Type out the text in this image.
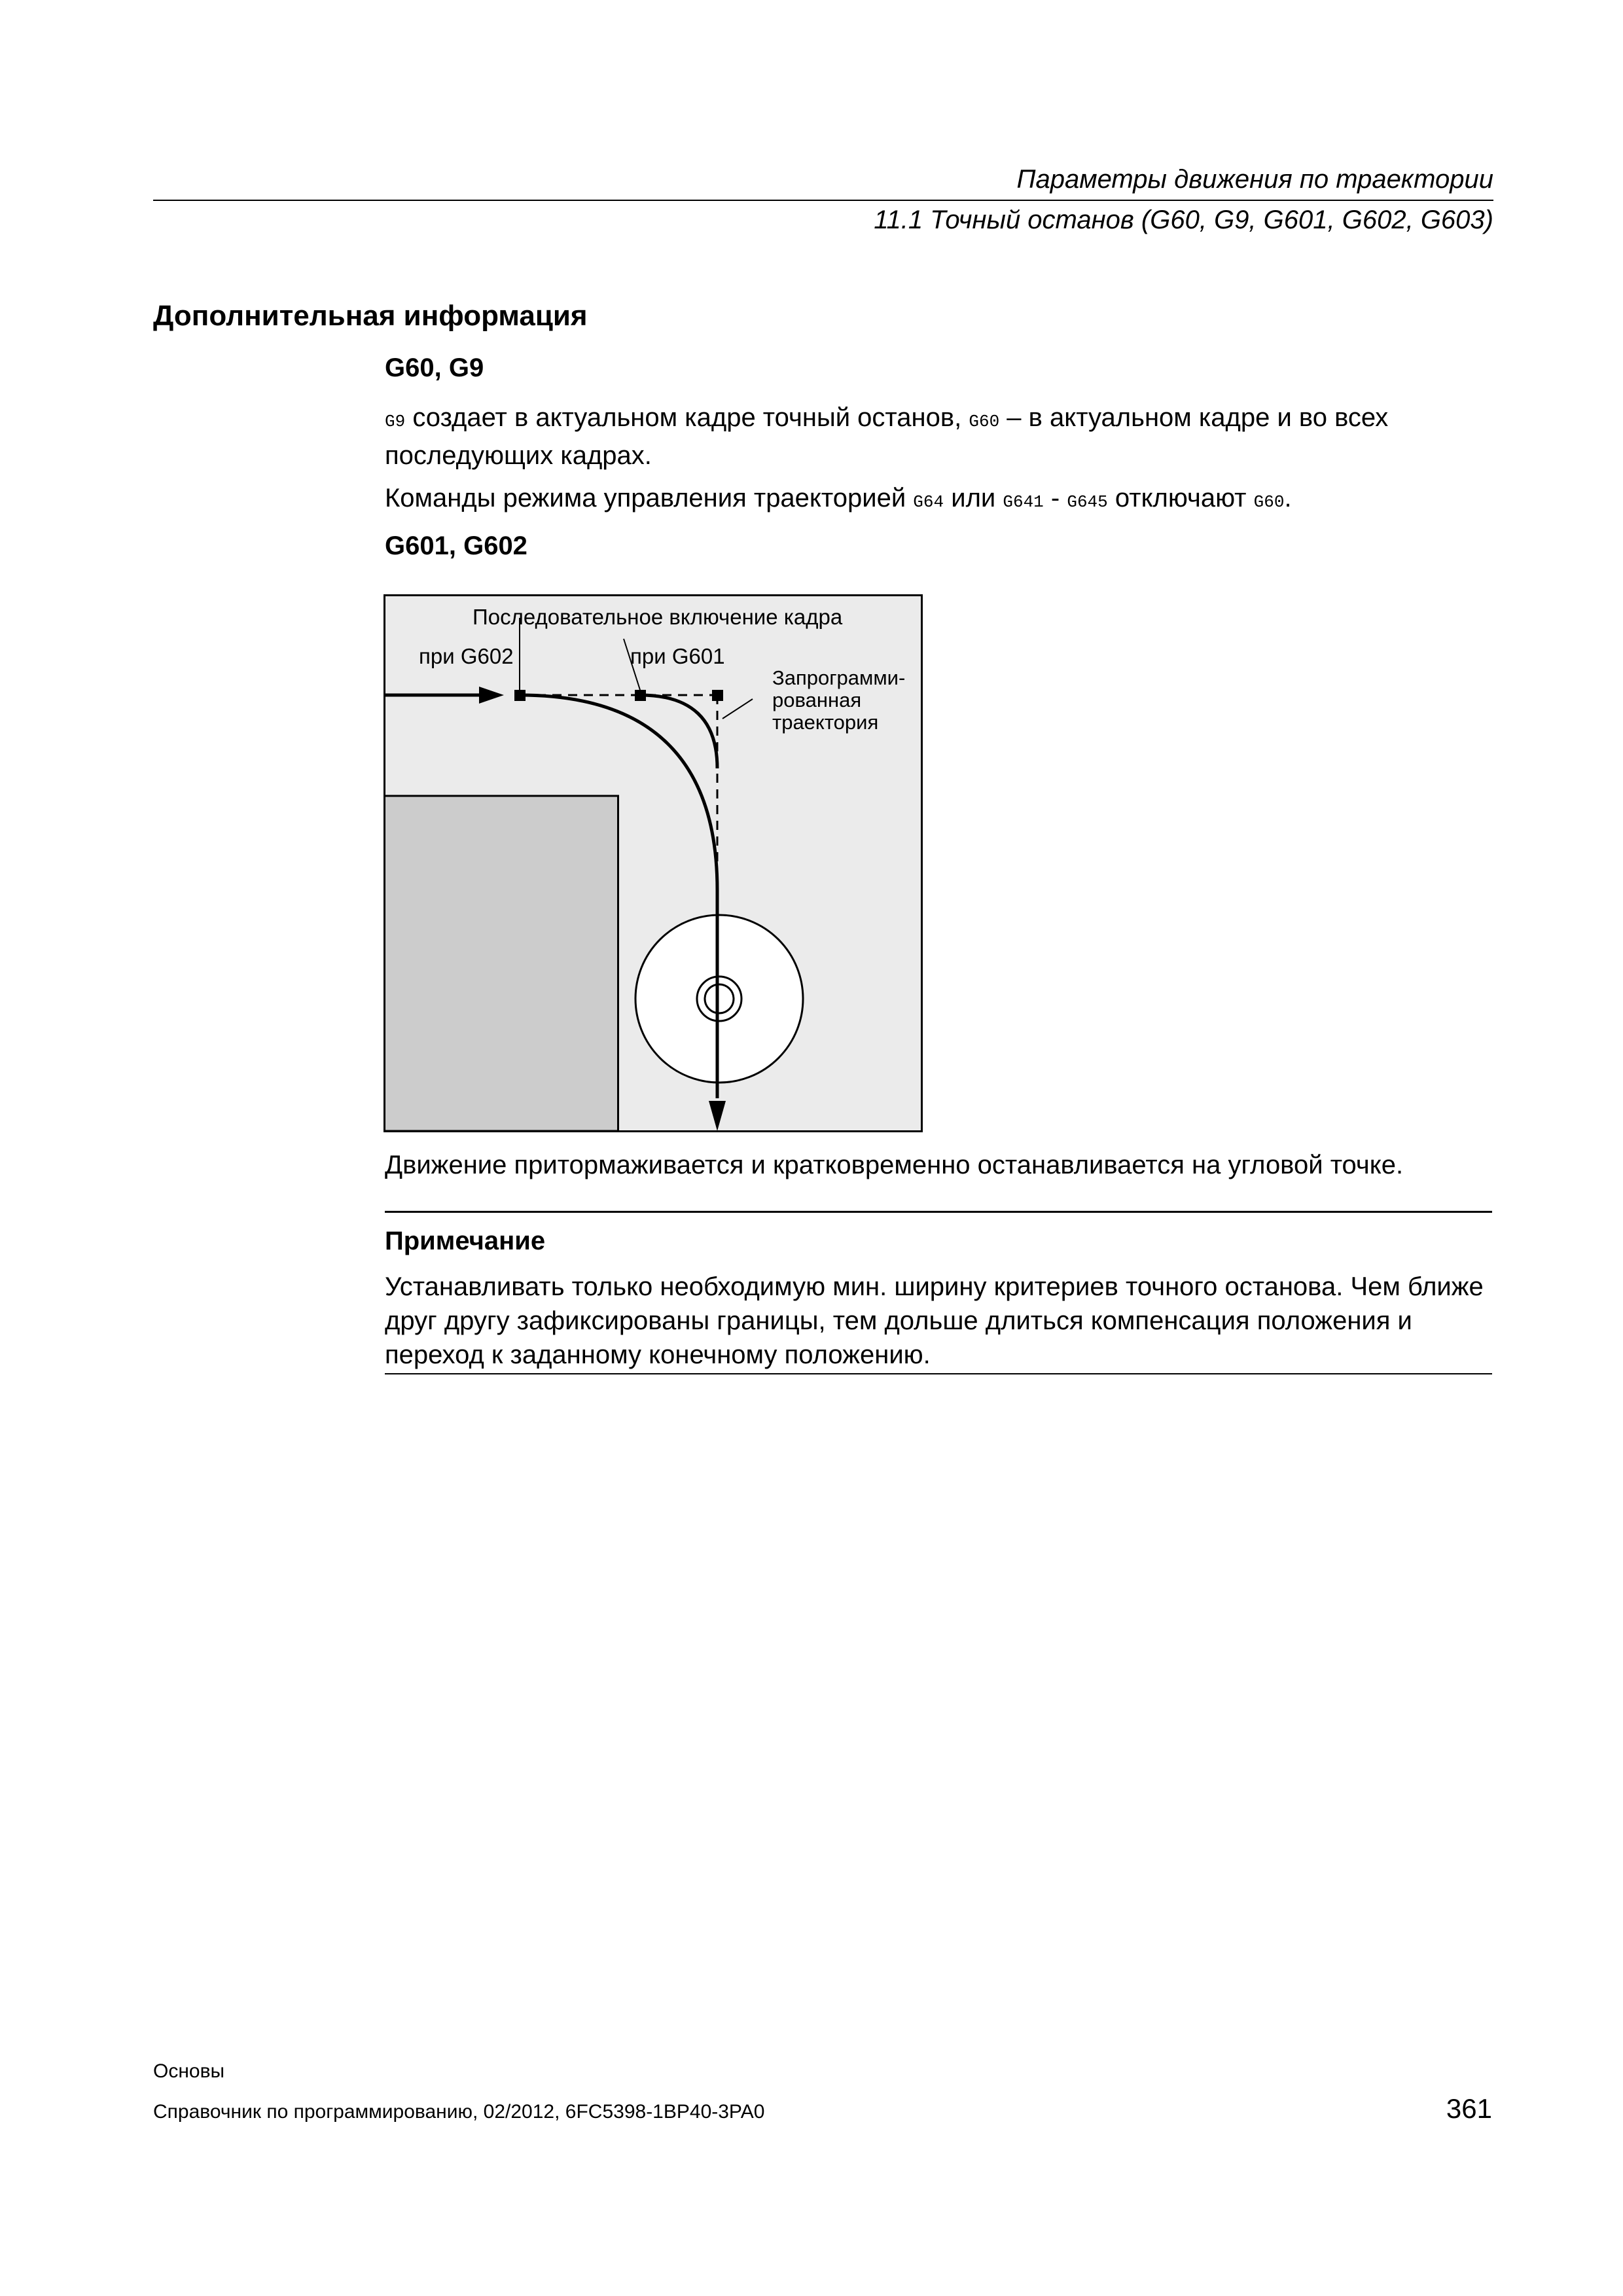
Параметры движения по траектории
11.1 Точный останов (G60, G9, G601, G602, G603)
Дополнительная информация
G60, G9
G9 создает в актуальном кадре точный останов, G60 – в актуальном кадре и во всех последующих кадрах.
Команды режима управления траекторией G64 или G641 - G645 отключают G60.
G601, G602
Последовательное включение кадра
при G602	при G601
Запрограмми-
рованная
траектория
Движение притормаживается и кратковременно останавливается на угловой точке.
Примечание
Устанавливать только необходимую мин. ширину критериев точного останова. Чем ближе друг другу зафиксированы границы, тем дольше длиться компенсация положения и переход к заданному конечному положению.
Основы
Справочник по программированию, 02/2012, 6FC5398-1BP40-3PA0	361
